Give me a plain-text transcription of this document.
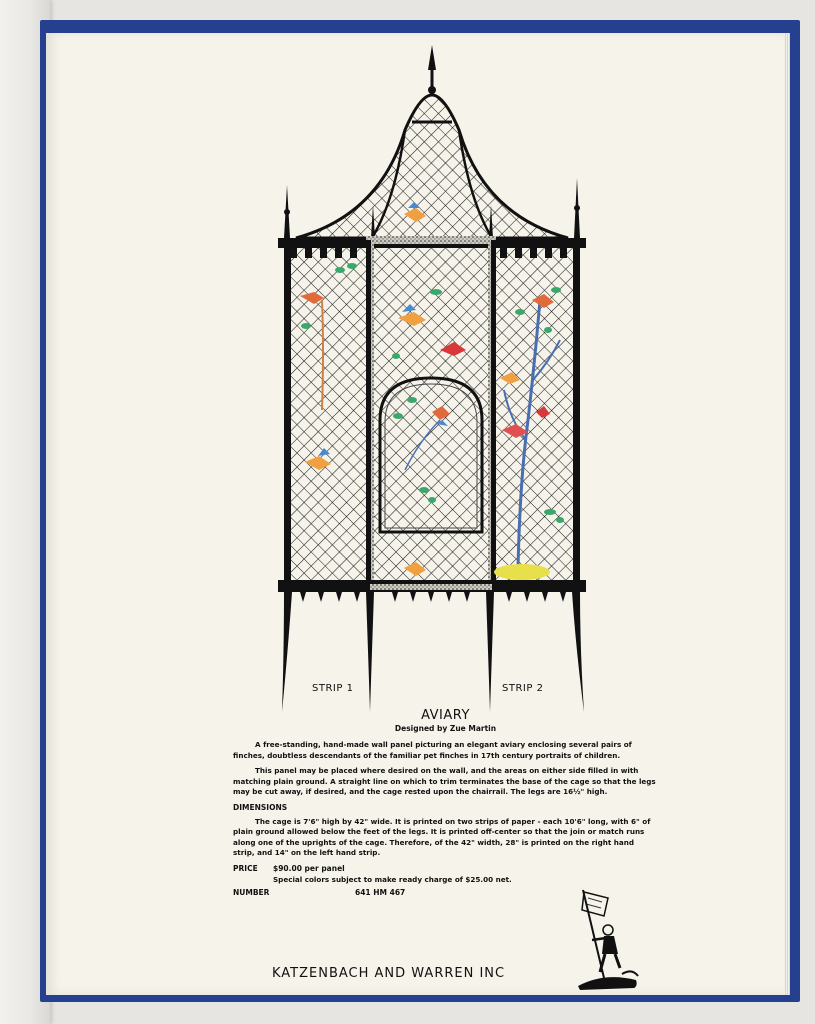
STRIP 1	STRIP 2
AVIARY
Designed by Zue Martin

A free-standing, hand-made wall panel picturing an elegant aviary enclosing several pairs of finches, doubtless descendants of the familiar pet finches in 17th century portraits of children.

This panel may be placed where desired on the wall, and the areas on either side filled in with matching plain ground. A straight line on which to trim terminates the base of the cage so that the legs may be cut away, if desired, and the cage rested upon the chairrail. The legs are 16½" high.

DIMENSIONS

The cage is 7'6" high by 42" wide. It is printed on two strips of paper - each 10'6" long, with 6" of plain ground allowed below the feet of the legs. It is printed off-center so that the join or match runs along one of the uprights of the cage. Therefore, of the 42" width, 28" is printed on the right hand strip, and 14" on the left hand strip.

PRICE $90.00 per panel
Special colors subject to make ready charge of $25.00 net.
NUMBER	641 HM 467
KATZENBACH AND WARREN INC
